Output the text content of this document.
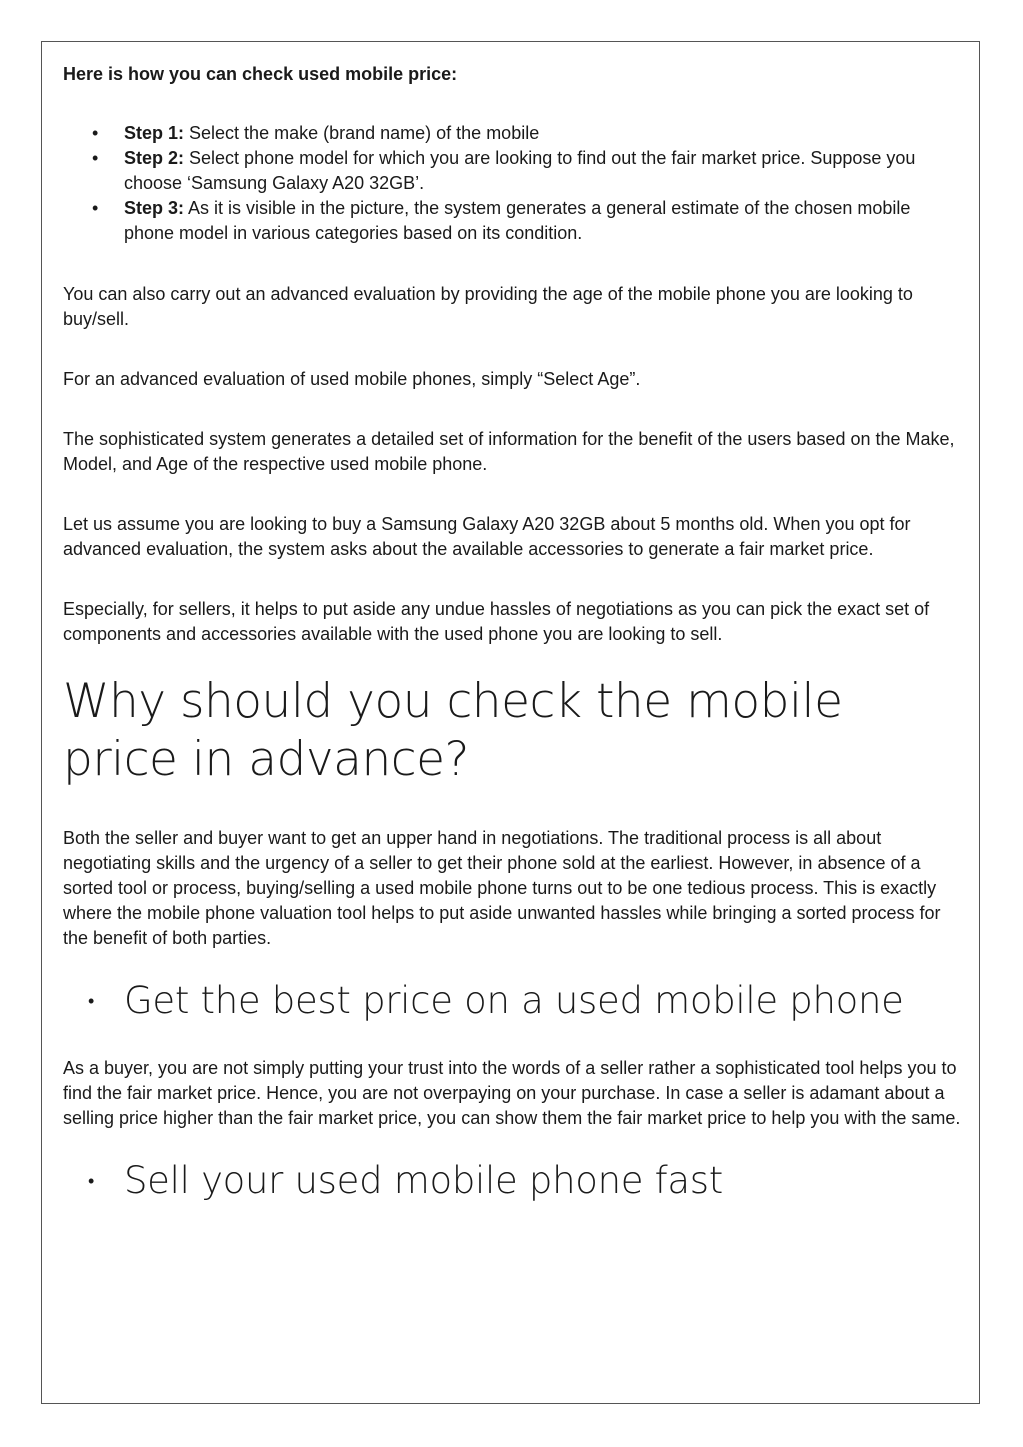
Here is how you can check used mobile price:

• Step 1: Select the make (brand name) of the mobile
• Step 2: Select phone model for which you are looking to find out the fair market price. Suppose you choose ‘Samsung Galaxy A20 32GB’.
• Step 3: As it is visible in the picture, the system generates a general estimate of the chosen mobile phone model in various categories based on its condition.

You can also carry out an advanced evaluation by providing the age of the mobile phone you are looking to buy/sell.

For an advanced evaluation of used mobile phones, simply “Select Age”.

The sophisticated system generates a detailed set of information for the benefit of the users based on the Make, Model, and Age of the respective used mobile phone.

Let us assume you are looking to buy a Samsung Galaxy A20 32GB about 5 months old. When you opt for advanced evaluation, the system asks about the available accessories to generate a fair market price.

Especially, for sellers, it helps to put aside any undue hassles of negotiations as you can pick the exact set of components and accessories available with the used phone you are looking to sell.

Why should you check the mobile price in advance?

Both the seller and buyer want to get an upper hand in negotiations. The traditional process is all about negotiating skills and the urgency of a seller to get their phone sold at the earliest. However, in absence of a sorted tool or process, buying/selling a used mobile phone turns out to be one tedious process. This is exactly where the mobile phone valuation tool helps to put aside unwanted hassles while bringing a sorted process for the benefit of both parties.

• Get the best price on a used mobile phone

As a buyer, you are not simply putting your trust into the words of a seller rather a sophisticated tool helps you to find the fair market price. Hence, you are not overpaying on your purchase. In case a seller is adamant about a selling price higher than the fair market price, you can show them the fair market price to help you with the same.

• Sell your used mobile phone fast
